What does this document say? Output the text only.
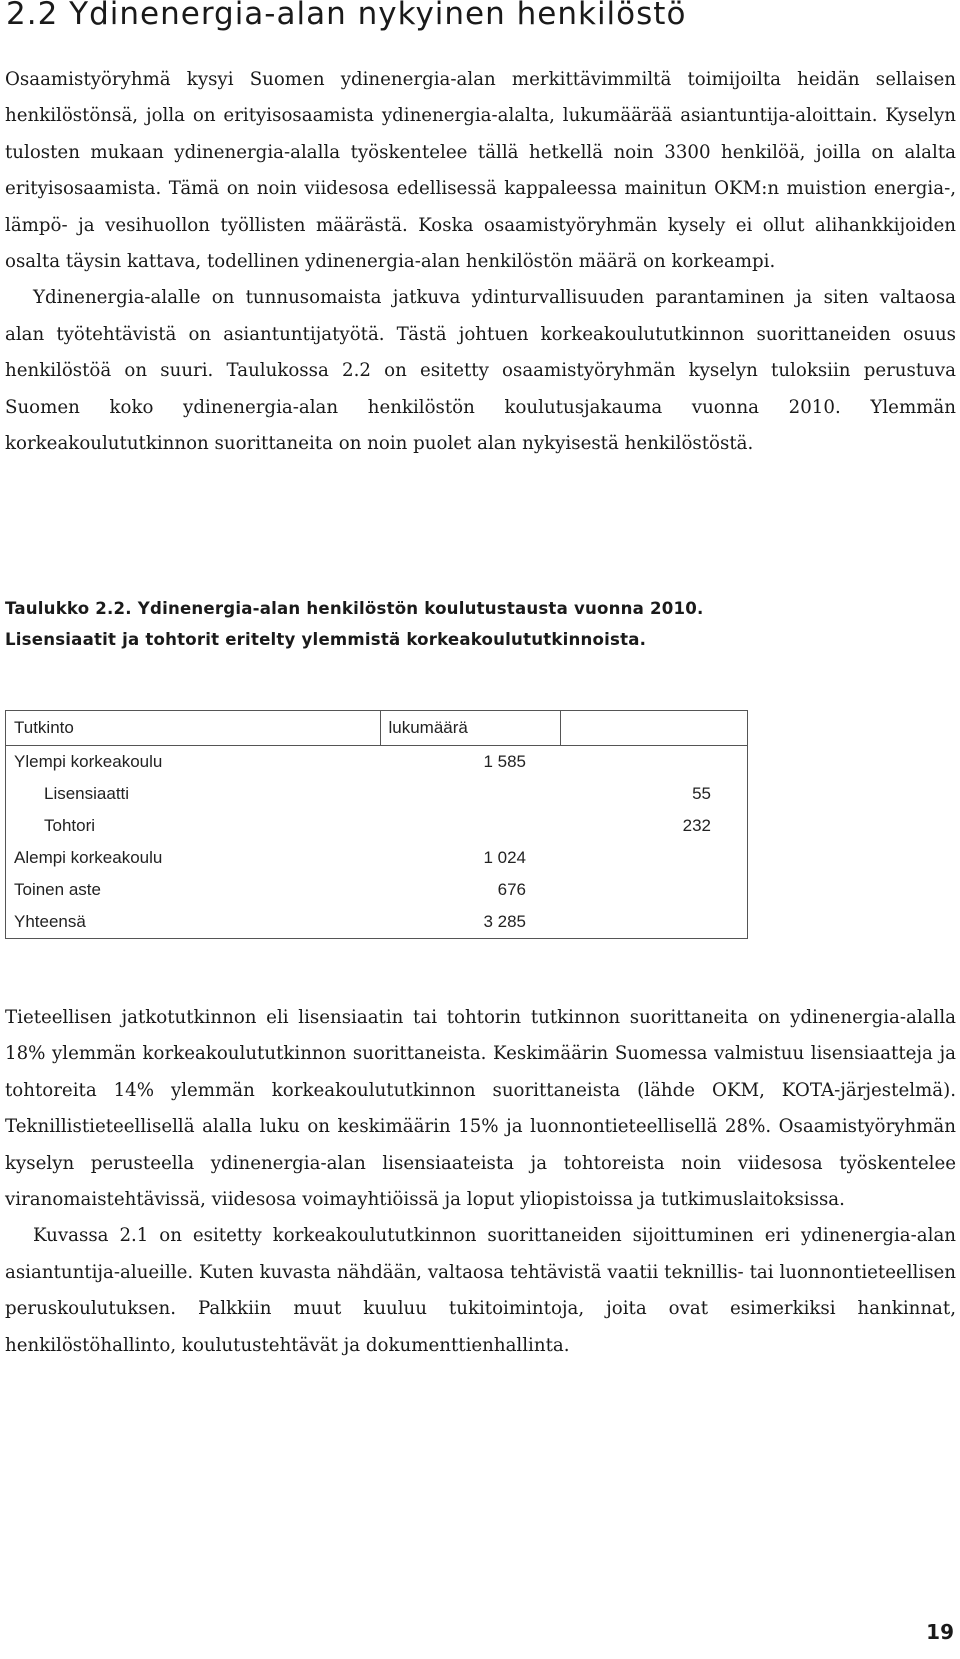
2.2 Ydinenergia-alan nykyinen henkilöstö

Osaamistyöryhmä kysyi Suomen ydinenergia-alan merkittävimmiltä toimijoilta heidän sellaisen henkilöstönsä, jolla on erityisosaamista ydinenergia-alalta, lukumäärää asiantuntija-aloittain. Kyselyn tulosten mukaan ydinenergia-alalla työskentelee tällä hetkellä noin 3300 henkilöä, joilla on alalta erityisosaamista. Tämä on noin viidesosa edellisessä kappaleessa mainitun OKM:n muistion energia-, lämpö- ja vesihuollon työllisten määrästä. Koska osaamistyöryhmän kysely ei ollut alihankkijoiden osalta täysin kattava, todellinen ydinenergia-alan henkilöstön määrä on korkeampi.

Ydinenergia-alalle on tunnusomaista jatkuva ydinturvallisuuden parantaminen ja siten valtaosa alan työtehtävistä on asiantuntijatyötä. Tästä johtuen korkeakoulututkinnon suorittaneiden osuus henkilöstöä on suuri. Taulukossa 2.2 on esitetty osaamistyöryhmän kyselyn tuloksiin perustuva Suomen koko ydinenergia-alan henkilöstön koulutusjakauma vuonna 2010. Ylemmän korkeakoulututkinnon suorittaneita on noin puolet alan nykyisestä henkilöstöstä.

Taulukko 2.2. Ydinenergia-alan henkilöstön koulutustausta vuonna 2010.
Lisensiaatit ja tohtorit eritelty ylemmistä korkeakoulututkinnoista.
Tutkinto	lukumäärä	
Ylempi korkeakoulu	1 585	
Lisensiaatti		55
Tohtori		232
Alempi korkeakoulu	1 024	
Toinen aste	676	
Yhteensä	3 285	

Tieteellisen jatkotutkinnon eli lisensiaatin tai tohtorin tutkinnon suorittaneita on ydinenergia-alalla 18% ylemmän korkeakoulututkinnon suorittaneista. Keskimäärin Suomessa valmistuu lisensiaatteja ja tohtoreita 14% ylemmän korkeakoulututkinnon suorittaneista (lähde OKM, KOTA-järjestelmä). Teknillistieteellisellä alalla luku on keskimäärin 15% ja luonnontieteellisellä 28%. Osaamistyöryhmän kyselyn perusteella ydinenergia-alan lisensiaateista ja tohtoreista noin viidesosa työskentelee viranomaistehtävissä, viidesosa voimayhtiöissä ja loput yliopistoissa ja tutkimuslaitoksissa.

Kuvassa 2.1 on esitetty korkeakoulututkinnon suorittaneiden sijoittuminen eri ydinenergia-alan asiantuntija-alueille. Kuten kuvasta nähdään, valtaosa tehtävistä vaatii teknillis- tai luonnontieteellisen peruskoulutuksen. Palkkiin muut kuuluu tukitoimintoja, joita ovat esimerkiksi hankinnat, henkilöstöhallinto, koulutustehtävät ja dokumenttienhallinta.

19
